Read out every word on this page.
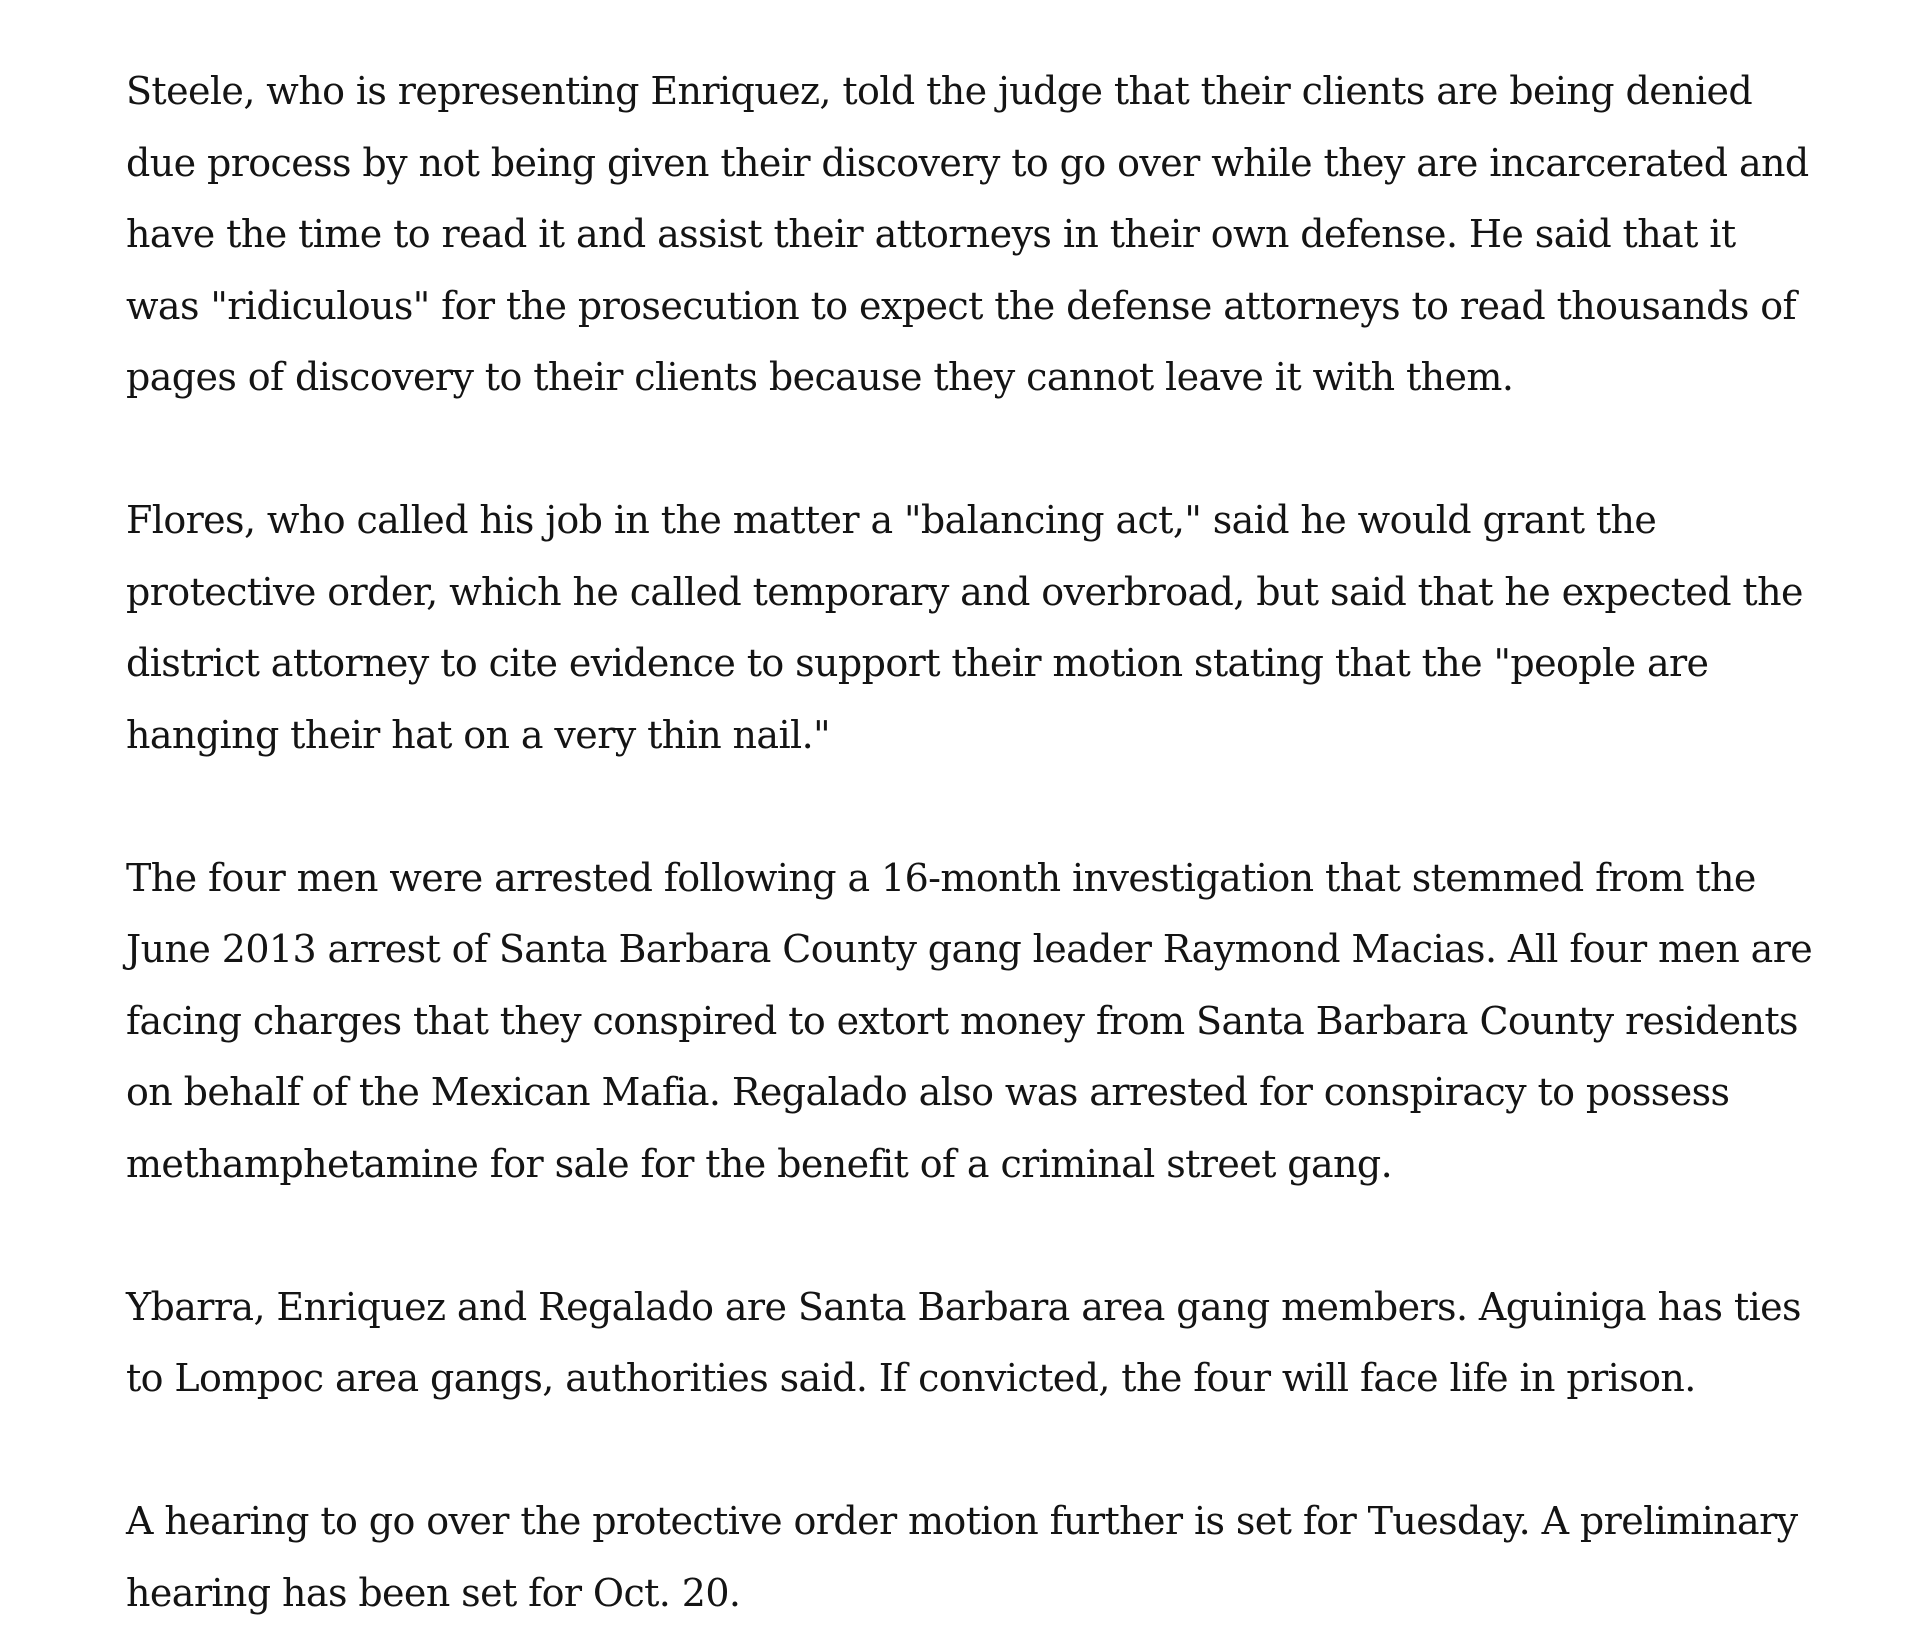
Steele, who is representing Enriquez, told the judge that their clients are being denied
due process by not being given their discovery to go over while they are incarcerated and
have the time to read it and assist their attorneys in their own defense. He said that it
was "ridiculous" for the prosecution to expect the defense attorneys to read thousands of
pages of discovery to their clients because they cannot leave it with them.

Flores, who called his job in the matter a "balancing act," said he would grant the
protective order, which he called temporary and overbroad, but said that he expected the
district attorney to cite evidence to support their motion stating that the "people are
hanging their hat on a very thin nail."

The four men were arrested following a 16-month investigation that stemmed from the
June 2013 arrest of Santa Barbara County gang leader Raymond Macias. All four men are
facing charges that they conspired to extort money from Santa Barbara County residents
on behalf of the Mexican Mafia. Regalado also was arrested for conspiracy to possess
methamphetamine for sale for the benefit of a criminal street gang.

Ybarra, Enriquez and Regalado are Santa Barbara area gang members. Aguiniga has ties
to Lompoc area gangs, authorities said. If convicted, the four will face life in prison.

A hearing to go over the protective order motion further is set for Tuesday. A preliminary
hearing has been set for Oct. 20.
